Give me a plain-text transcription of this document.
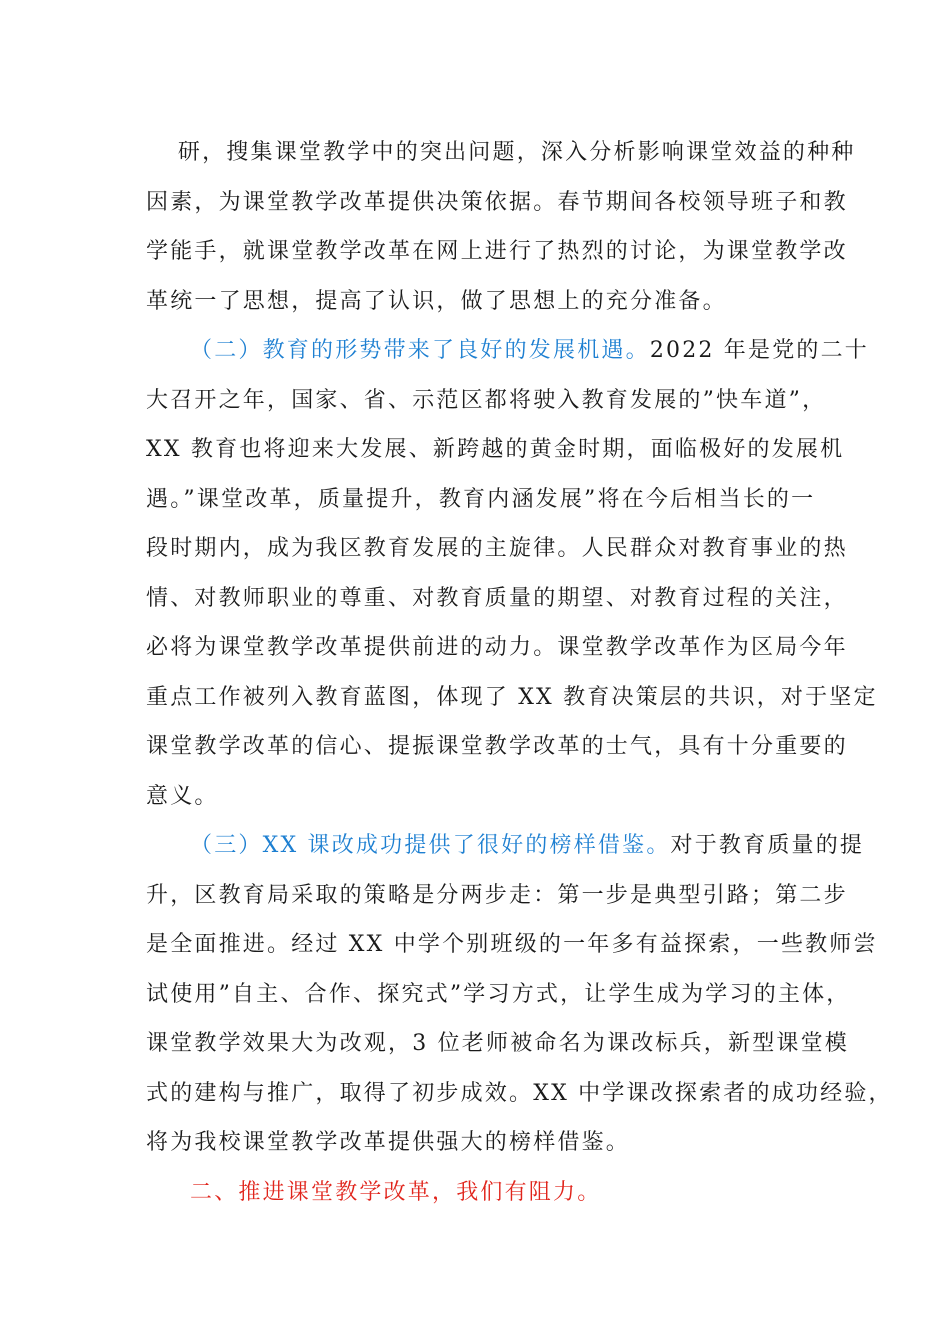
研，搜集课堂教学中的突出问题，深入分析影响课堂效益的种种
因素，为课堂教学改革提供决策依据。春节期间各校领导班子和教
学能手，就课堂教学改革在网上进行了热烈的讨论，为课堂教学改
革统一了思想，提高了认识，做了思想上的充分准备。

（二）教育的形势带来了良好的发展机遇。2022 年是党的二十
大召开之年，国家、省、示范区都将驶入教育发展的”快车道”，
XX 教育也将迎来大发展、新跨越的黄金时期，面临极好的发展机
遇。”课堂改革，质量提升，教育内涵发展”将在今后相当长的一
段时期内，成为我区教育发展的主旋律。人民群众对教育事业的热
情、对教师职业的尊重、对教育质量的期望、对教育过程的关注，
必将为课堂教学改革提供前进的动力。课堂教学改革作为区局今年
重点工作被列入教育蓝图，体现了 XX 教育决策层的共识，对于坚定
课堂教学改革的信心、提振课堂教学改革的士气，具有十分重要的
意义。

（三）XX 课改成功提供了很好的榜样借鉴。对于教育质量的提
升，区教育局采取的策略是分两步走：第一步是典型引路；第二步
是全面推进。经过 XX 中学个别班级的一年多有益探索，一些教师尝
试使用”自主、合作、探究式”学习方式，让学生成为学习的主体，
课堂教学效果大为改观，3 位老师被命名为课改标兵，新型课堂模
式的建构与推广，取得了初步成效。XX 中学课改探索者的成功经验，
将为我校课堂教学改革提供强大的榜样借鉴。

二、推进课堂教学改革，我们有阻力。
